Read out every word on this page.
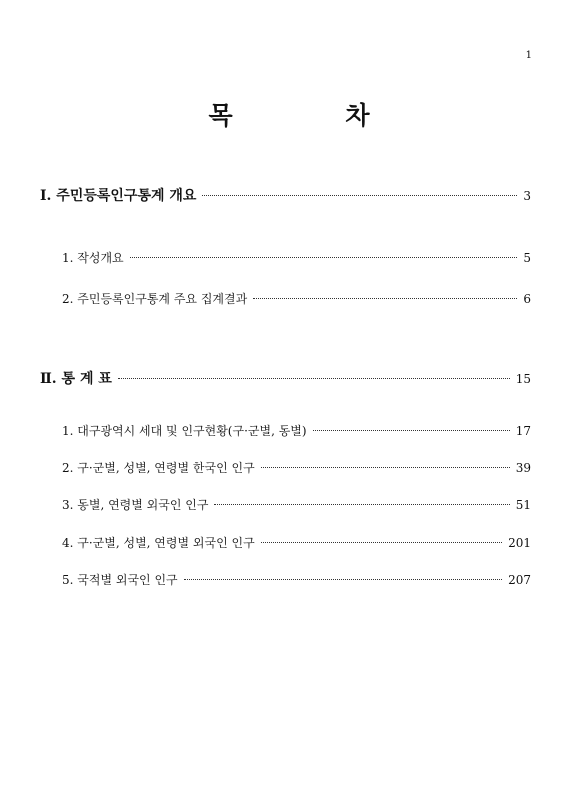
1
목 차
Ⅰ. 주민등록인구통계 개요	3
1. 작성개요	5
2. 주민등록인구통계 주요 집계결과	6
Ⅱ. 통 계 표	15
1. 대구광역시 세대 및 인구현황(구·군별, 동별)	17
2. 구·군별, 성별, 연령별 한국인 인구	39
3. 동별, 연령별 외국인 인구	51
4. 구·군별, 성별, 연령별 외국인 인구	201
5. 국적별 외국인 인구	207
